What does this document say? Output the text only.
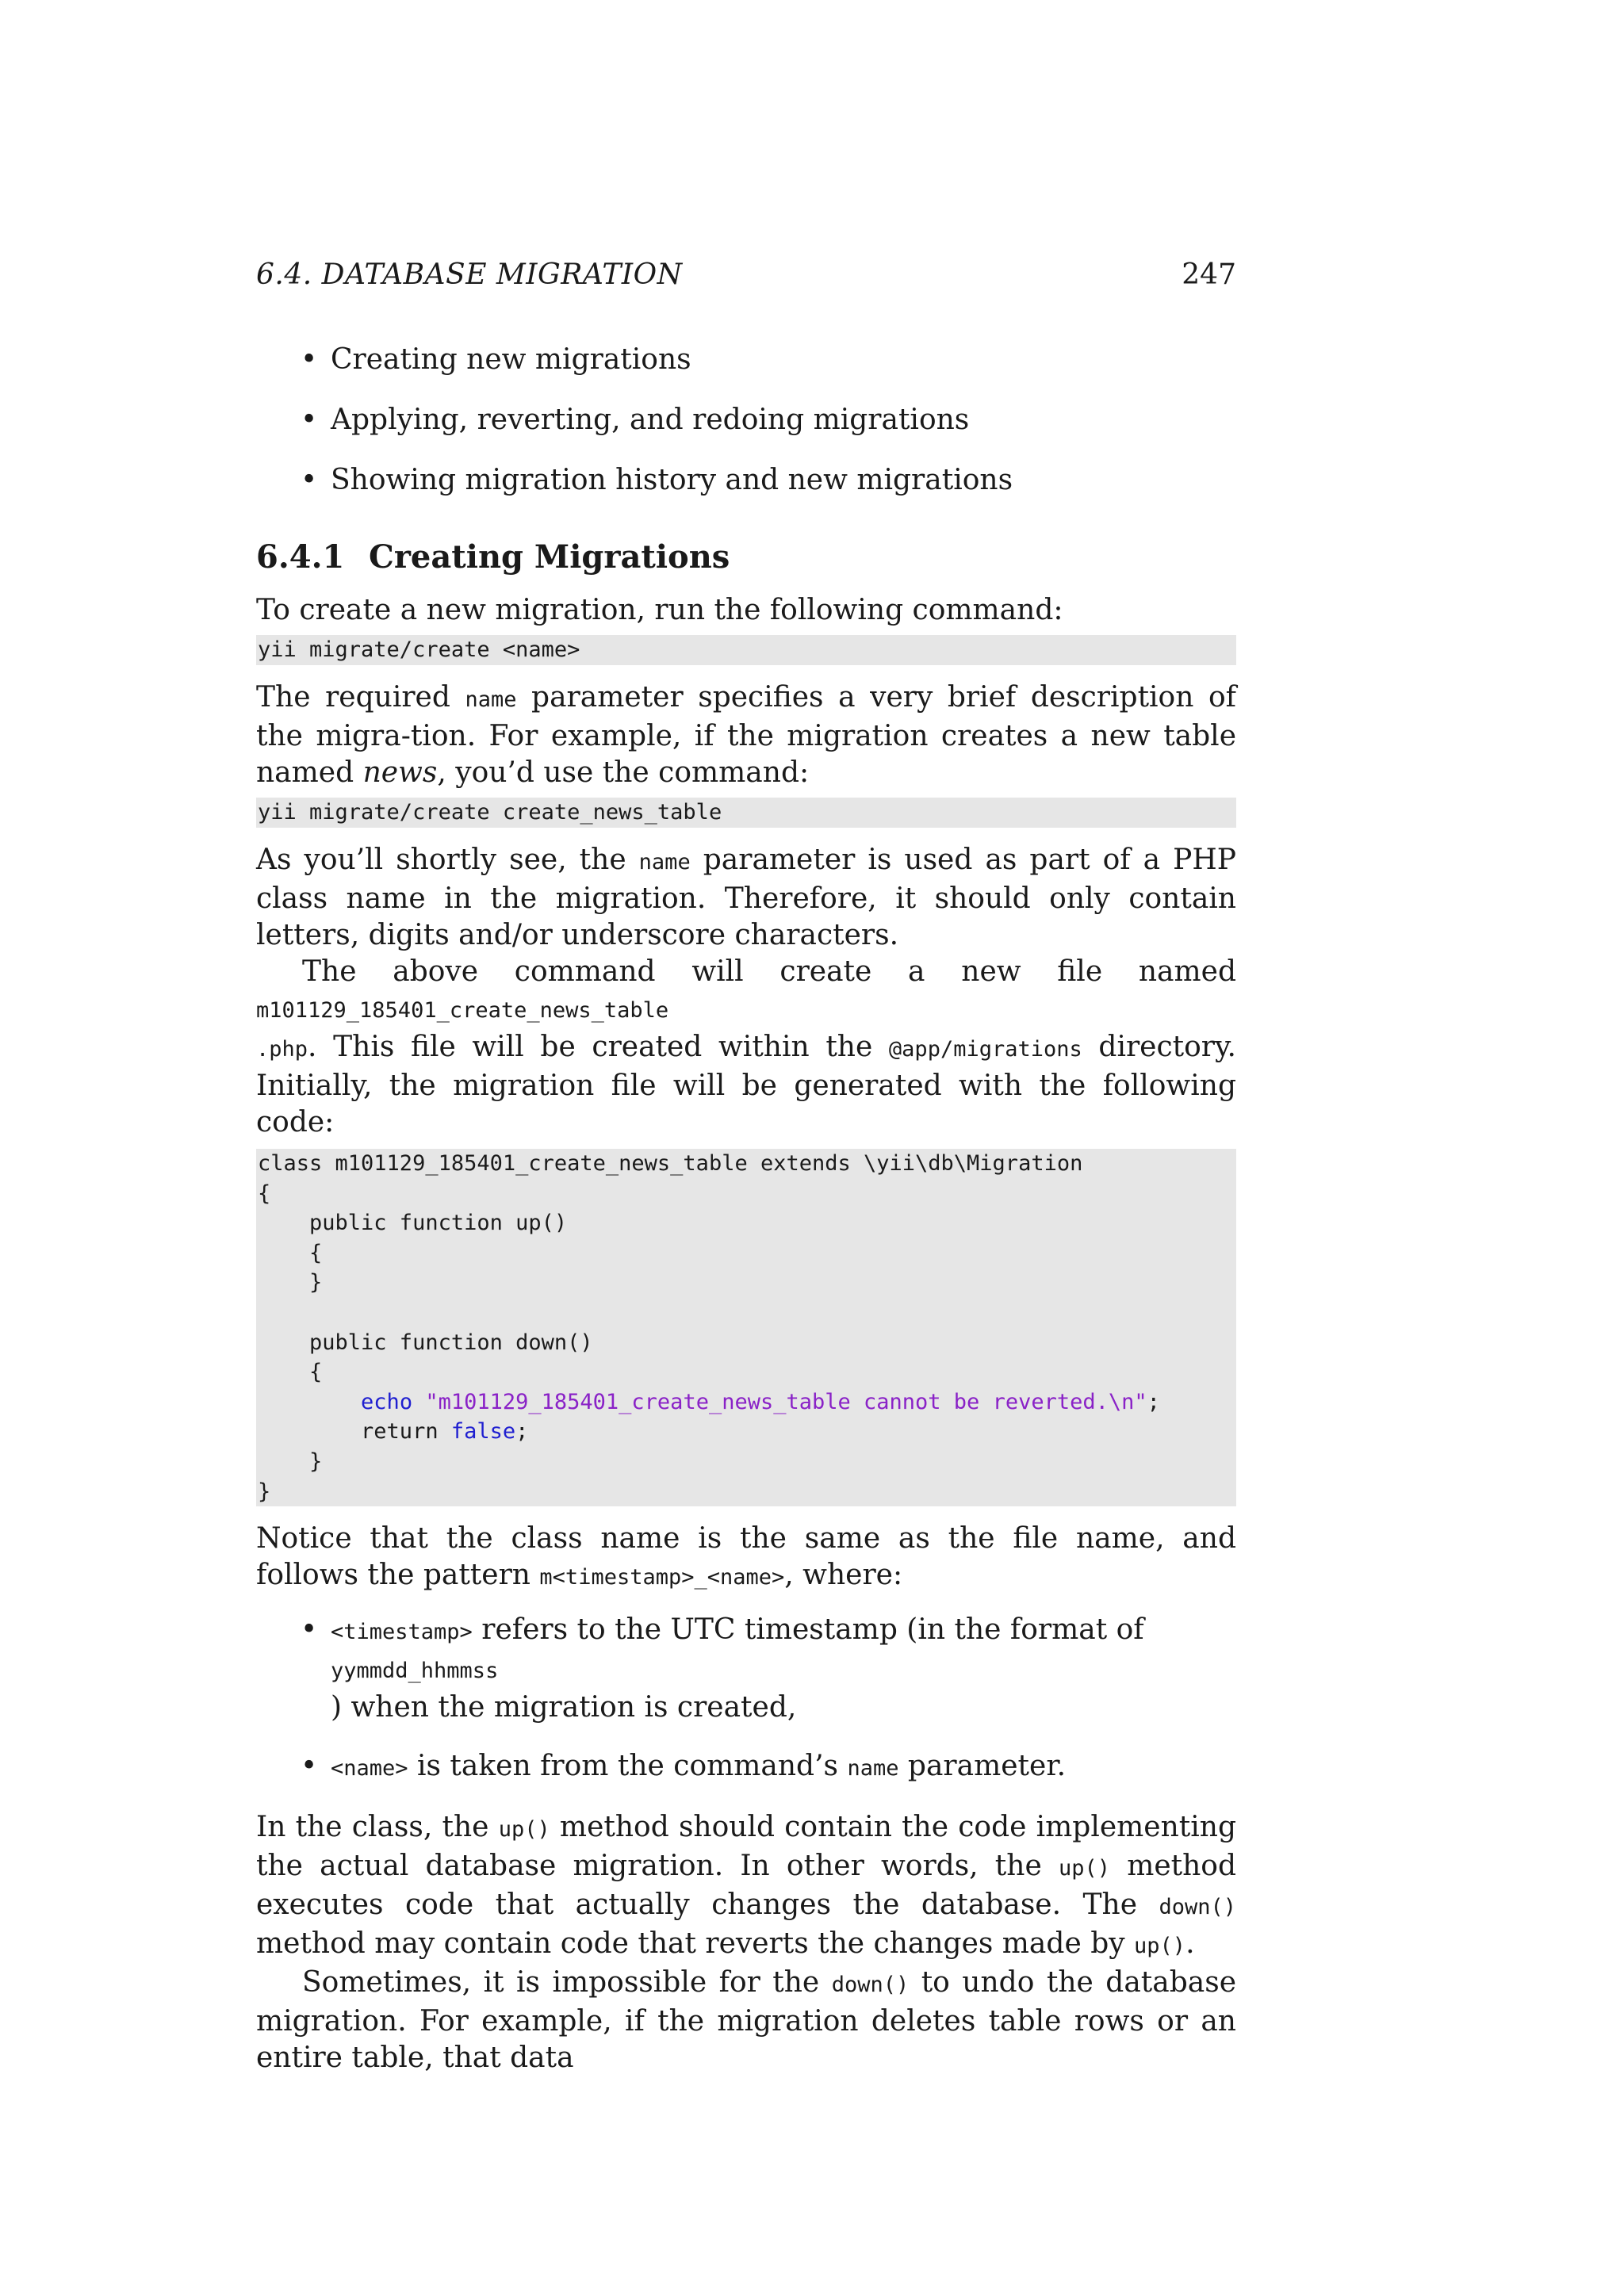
6.4. DATABASE MIGRATION	247
• Creating new migrations
• Applying, reverting, and redoing migrations
• Showing migration history and new migrations
6.4.1 Creating Migrations

To create a new migration, run the following command:

yii migrate/create <name>

The required name parameter specifies a very brief description of the migra-tion. For example, if the migration creates a new table named news, you’d use the command:

yii migrate/create create_news_table

As you’ll shortly see, the name parameter is used as part of a PHP class name in the migration. Therefore, it should only contain letters, digits and/or underscore characters.

The above command will create a new file named m101129_185401_create_news_table
.php. This file will be created within the @app/migrations directory. Initially, the migration file will be generated with the following code:

class m101129_185401_create_news_table extends \yii\db\Migration
{
public function up()
{
}

public function down()
{
echo "m101129_185401_create_news_table cannot be reverted.\n";
return false;
}
}

Notice that the class name is the same as the file name, and follows the pattern m<timestamp>_<name>, where:

• <timestamp> refers to the UTC timestamp (in the format of yymmdd_hhmmss
) when the migration is created,
• <name> is taken from the command’s name parameter.

In the class, the up() method should contain the code implementing the actual database migration. In other words, the up() method executes code that actually changes the database. The down() method may contain code that reverts the changes made by up().

Sometimes, it is impossible for the down() to undo the database migration. For example, if the migration deletes table rows or an entire table, that data
